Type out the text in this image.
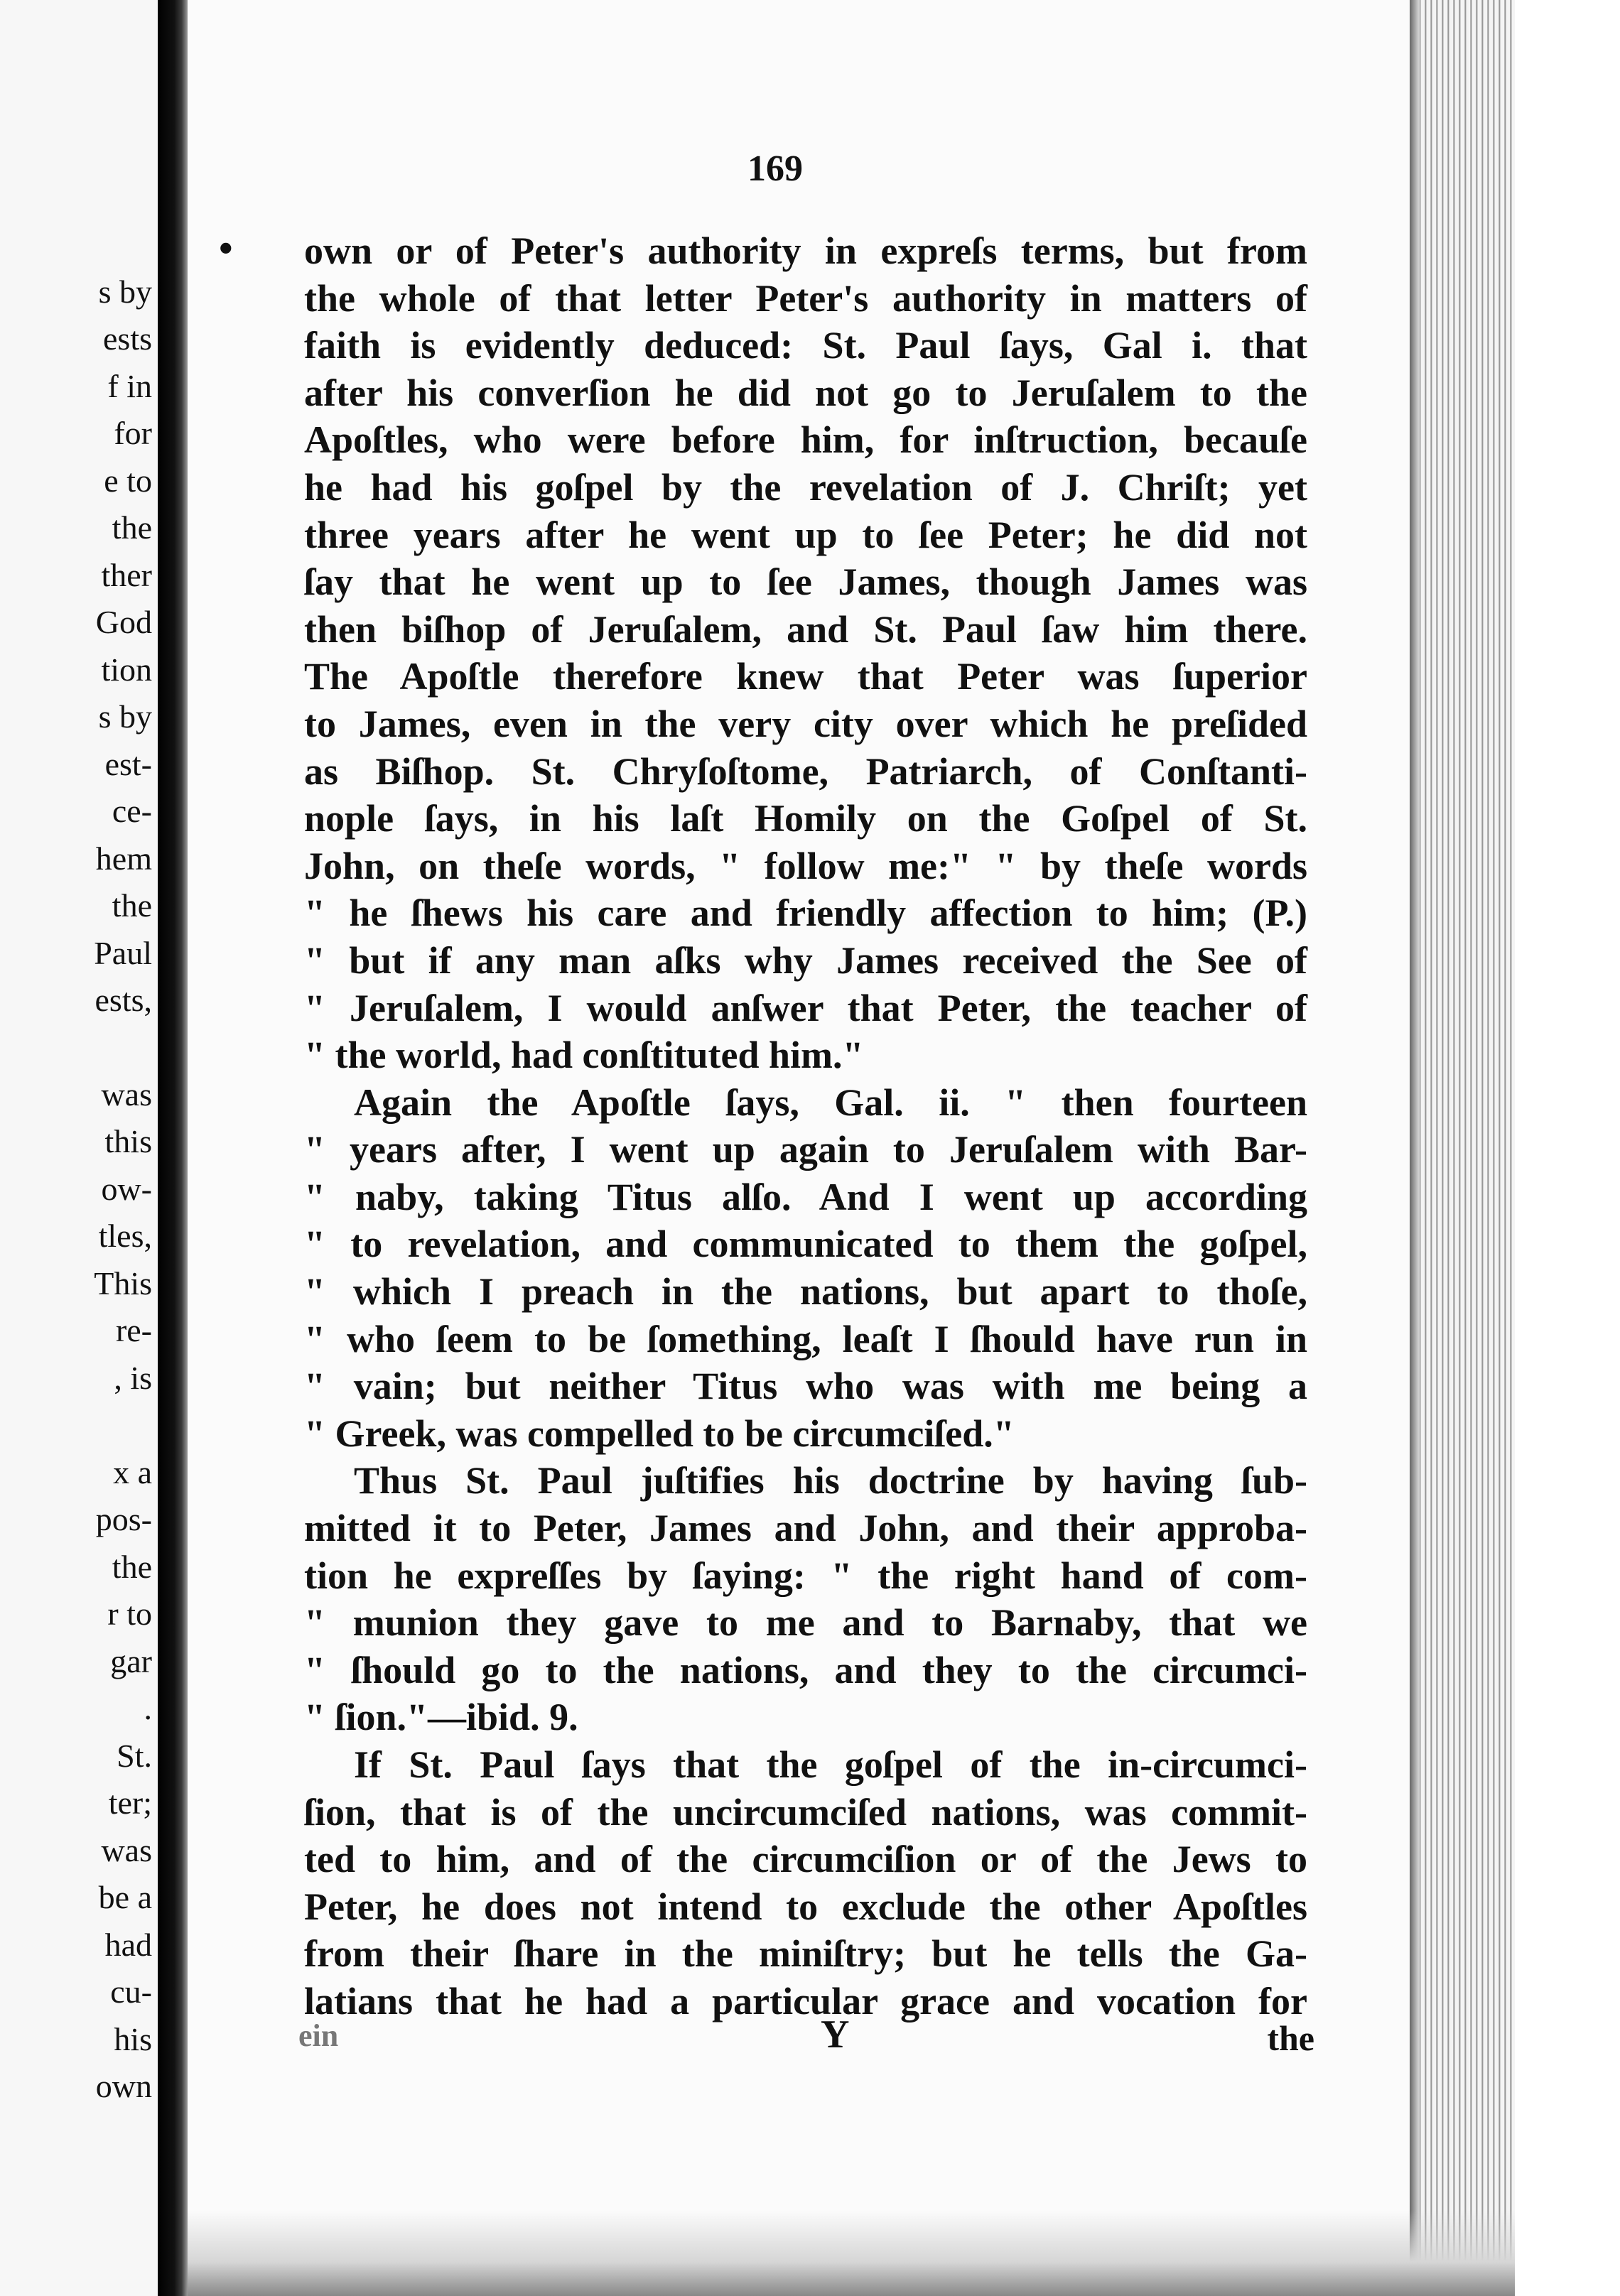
s by
ests
f in
for
e to
the
ther
God
tion
s by
est-
ce-
hem
the
Paul
ests,
was
this
ow-
tles,
This
re-
, is
x a
pos-
the
r to
gar
.
St.
ter;
was
be a
had
cu-
his
own
169
• own or of Peter's authority in expreſs terms, but from
the whole of that letter Peter's authority in matters of
faith is evidently deduced: St. Paul ſays, Gal i. that
after his converſion he did not go to Jeruſalem to the
Apoſtles, who were before him, for inſtruction, becauſe
he had his goſpel by the revelation of J. Chriſt; yet
three years after he went up to ſee Peter; he did not
ſay that he went up to ſee James, though James was
then biſhop of Jeruſalem, and St. Paul ſaw him there.
The Apoſtle therefore knew that Peter was ſuperior
to James, even in the very city over which he preſided
as Biſhop. St. Chryſoſtome, Patriarch, of Conſtanti-
nople ſays, in his laſt Homily on the Goſpel of St.
John, on theſe words, " follow me:" " by theſe words
" he ſhews his care and friendly affection to him; (P.)
" but if any man aſks why James received the See of
" Jeruſalem, I would anſwer that Peter, the teacher of
" the world, had conſtituted him."
Again the Apoſtle ſays, Gal. ii. " then fourteen
" years after, I went up again to Jeruſalem with Bar-
" naby, taking Titus alſo. And I went up according
" to revelation, and communicated to them the goſpel,
" which I preach in the nations, but apart to thoſe,
" who ſeem to be ſomething, leaſt I ſhould have run in
" vain; but neither Titus who was with me being a
" Greek, was compelled to be circumciſed."
Thus St. Paul juſtifies his doctrine by having ſub-
mitted it to Peter, James and John, and their approba-
tion he expreſſes by ſaying: " the right hand of com-
" munion they gave to me and to Barnaby, that we
" ſhould go to the nations, and they to the circumci-
" ſion."—ibid. 9.
If St. Paul ſays that the goſpel of the in-circumci-
ſion, that is of the uncircumciſed nations, was commit-
ted to him, and of the circumciſion or of the Jews to
Peter, he does not intend to exclude the other Apoſtles
from their ſhare in the miniſtry; but he tells the Ga-
latians that he had a particular grace and vocation for
ein	Y	the
